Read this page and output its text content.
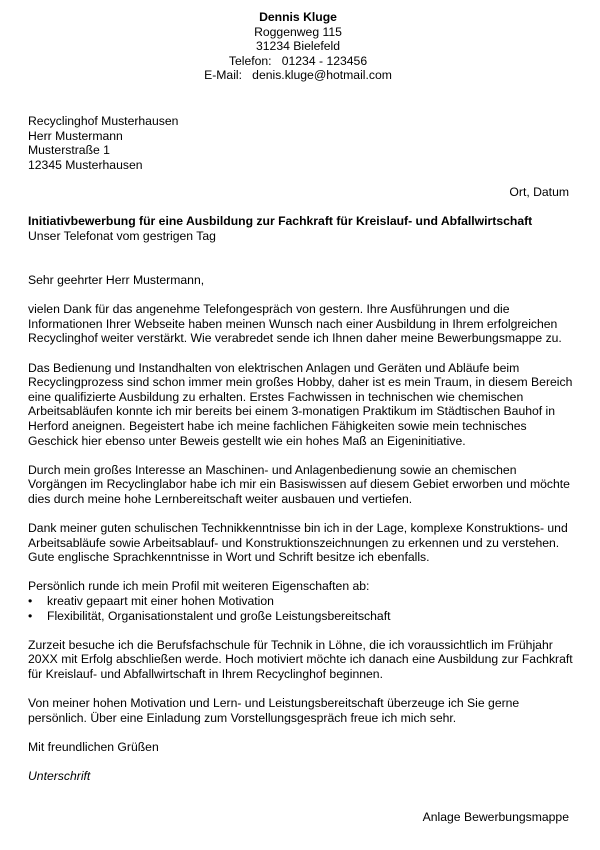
Dennis Kluge
Roggenweg 115
31234 Bielefeld
Telefon:   01234 - 123456
E-Mail:   denis.kluge@hotmail.com
Recyclinghof Musterhausen
Herr Mustermann
Musterstraße 1
12345 Musterhausen
Ort, Datum
Initiativbewerbung für eine Ausbildung zur Fachkraft für Kreislauf- und Abfallwirtschaft
Unser Telefonat vom gestrigen Tag

Sehr geehrter Herr Mustermann,

vielen Dank für das angenehme Telefongespräch von gestern. Ihre Ausführungen und die Informationen Ihrer Webseite haben meinen Wunsch nach einer Ausbildung in Ihrem erfolgreichen Recyclinghof weiter verstärkt. Wie verabredet sende ich Ihnen daher meine Bewerbungsmappe zu.

Das Bedienung und Instandhalten von elektrischen Anlagen und Geräten und Abläufe beim Recyclingprozess sind schon immer mein großes Hobby, daher ist es mein Traum, in diesem Bereich eine qualifizierte Ausbildung zu erhalten. Erstes Fachwissen in technischen wie chemischen Arbeitsabläufen konnte ich mir bereits bei einem 3-monatigen Praktikum im Städtischen Bauhof in Herford aneignen. Begeistert habe ich meine fachlichen Fähigkeiten sowie mein technisches Geschick hier ebenso unter Beweis gestellt wie ein hohes Maß an Eigeninitiative.

Durch mein großes Interesse an Maschinen- und Anlagenbedienung sowie an chemischen Vorgängen im Recyclinglabor habe ich mir ein Basiswissen auf diesem Gebiet erworben und möchte dies durch meine hohe Lernbereitschaft weiter ausbauen und vertiefen.

Dank meiner guten schulischen Technikkenntnisse bin ich in der Lage, komplexe Konstruktions- und Arbeitsabläufe sowie Arbeitsablauf- und Konstruktionszeichnungen zu erkennen und zu verstehen. Gute englische Sprachkenntnisse in Wort und Schrift besitze ich ebenfalls.

Persönlich runde ich mein Profil mit weiteren Eigenschaften ab:
• kreativ gepaart mit einer hohen Motivation
• Flexibilität, Organisationstalent und große Leistungsbereitschaft

Zurzeit besuche ich die Berufsfachschule für Technik in Löhne, die ich voraussichtlich im Frühjahr 20XX mit Erfolg abschließen werde. Hoch motiviert möchte ich danach eine Ausbildung zur Fachkraft für Kreislauf- und Abfallwirtschaft in Ihrem Recyclinghof beginnen.

Von meiner hohen Motivation und Lern- und Leistungsbereitschaft überzeuge ich Sie gerne persönlich. Über eine Einladung zum Vorstellungsgespräch freue ich mich sehr.

Mit freundlichen Grüßen

Unterschrift

Anlage Bewerbungsmappe
